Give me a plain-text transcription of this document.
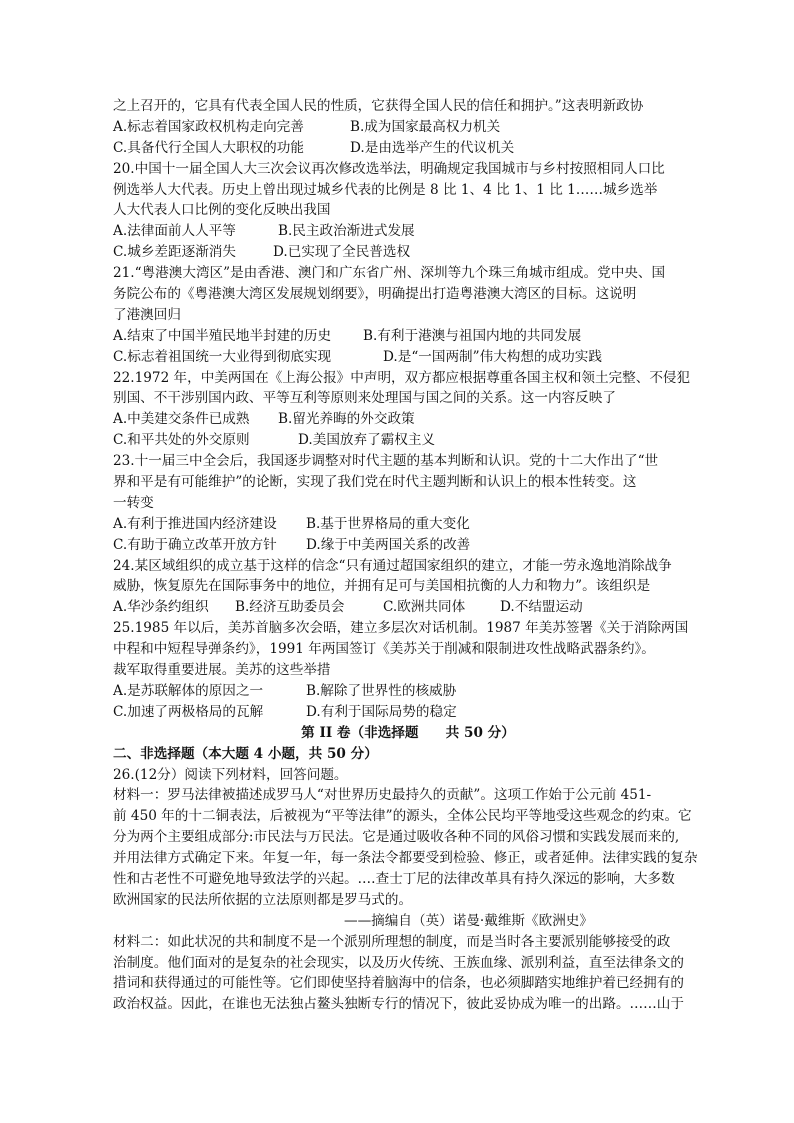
之上召开的，它具有代表全国人民的性质，它获得全国人民的信任和拥护。”这表明新政协
A.标志着国家政权机构走向完善	B.成为国家最高权力机关
C.具备代行全国人大职权的功能	D.是由选举产生的代议机关
20.中国十一届全国人大三次会议再次修改选举法，明确规定我国城市与乡村按照相同人口比
例选举人大代表。历史上曾出现过城乡代表的比例是 8 比 1、4 比 1、1 比 1……城乡选举
人大代表人口比例的变化反映出我国
A.法律面前人人平等	B.民主政治渐进式发展
C.城乡差距逐渐消失	D.已实现了全民普选权
21.“粤港澳大湾区”是由香港、澳门和广东省广州、深圳等九个珠三角城市组成。党中央、国
务院公布的《粤港澳大湾区发展规划纲要》，明确提出打造粤港澳大湾区的目标。这说明
了港澳回归
A.结束了中国半殖民地半封建的历史 B.有利于港澳与祖国内地的共同发展
C.标志着祖国统一大业得到彻底实现	D.是“一国两制”伟大构想的成功实践
22.1972 年，中美两国在《上海公报》中声明，双方都应根据尊重各国主权和领土完整、不侵犯
别国、不干涉别国内政、平等互利等原则来处理国与国之间的关系。这一内容反映了
A.中美建交条件已成熟 B.留光养晦的外交政策
C.和平共处的外交原则	D.美国放弃了霸权主义
23.十一届三中全会后，我国逐步调整对时代主题的基本判断和认识。党的十二大作出了“世
界和平是有可能维护”的论断，实现了我们党在时代主题判断和认识上的根本性转变。这
一转变
A.有利于推进国内经济建设 B.基于世界格局的重大变化
C.有助于确立改革开放方针 D.缘于中美两国关系的改善
24.某区域组织的成立基于这样的信念“只有通过超国家组织的建立，才能一劳永逸地消除战争
威胁，恢复原先在国际事务中的地位，并拥有足可与美国相抗衡的人力和物力”。该组织是
A.华沙条约组织 B.经济互助委员会	C.欧洲共同体	D.不结盟运动
25.1985 年以后，美苏首脑多次会晤，建立多层次对话机制。1987 年美苏签署《关于消除两国
中程和中短程导弹条约》，1991 年两国签订《美苏关于削减和限制进攻性战略武器条约》。
裁军取得重要进展。美苏的这些举措
A.是苏联解体的原因之一	B.解除了世界性的核威胁
C.加速了两极格局的瓦解	D.有利于国际局势的稳定
第 II 卷（非选择题　　共 50 分）
二、非选择题（本大题 4 小题，共 50 分）
26.(12分）阅读下列材料，回答问题。
材料一：罗马法律被描述成罗马人“对世界历史最持久的贡献”。这项工作始于公元前 451-
前 450 年的十二铜表法，后被视为“平等法律”的源头，全体公民均平等地受这些观念的约束。它
分为两个主要组成部分:市民法与万民法。它是通过吸收各种不同的风俗习惯和实践发展而来的,
并用法律方式确定下来。年复一年，每一条法令都要受到检验、修正，或者延伸。法律实践的复杂
性和古老性不可避免地导致法学的兴起。.…查士丁尼的法律改革具有持久深远的影响，大多数
欧洲国家的民法所依据的立法原则都是罗马式的。
——摘编自（英）诺曼·戴维斯《欧洲史》
材料二：如此状况的共和制度不是一个派别所理想的制度，而是当时各主要派别能够接受的政
治制度。他们面对的是复杂的社会现实，以及历火传统、王族血缘、派别利益，直至法律条文的
措词和获得通过的可能性等。它们即使坚持着脑海中的信条，也必须脚踏实地维护着已经拥有的
政治权益。因此，在谁也无法独占鳌头独断专行的情况下，彼此妥协成为唯一的出路。……山于
